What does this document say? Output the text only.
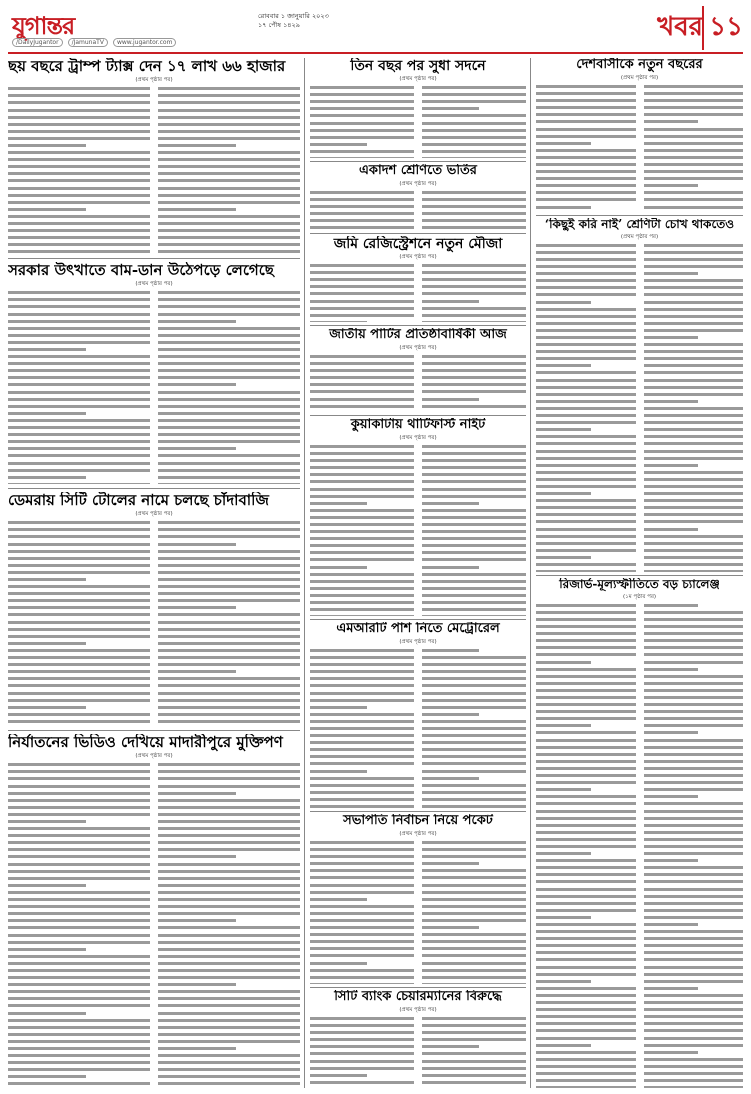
যুগান্তর
/DailyJugantor	/JamunaTV	www.jugantor.com
রোববার ১ জানুয়ারি ২০২৩
১৭ পৌষ ১৪২৯	খবর ১১
ছয় বছরে ট্রাম্প ট্যাক্স দেন ১৭ লাখ ৬৬ হাজার
(প্রথম পৃষ্ঠার পর)
সরকার উৎখাতে বাম-ডান উঠেপড়ে লেগেছে
(প্রথম পৃষ্ঠার পর)
ডেমরায় সিটি টোলের নামে চলছে চাঁদাবাজি
(প্রথম পৃষ্ঠার পর)
নির্যাতনের ভিডিও দেখিয়ে মাদারীপুরে মুক্তিপণ
(প্রথম পৃষ্ঠার পর)
তিন বছর পর সুধা সদনে
(প্রথম পৃষ্ঠার পর)
একাদশ শ্রেণিতে ভর্তির
(প্রথম পৃষ্ঠার পর)
জমি রেজিস্ট্রেশনে নতুন মৌজা
(প্রথম পৃষ্ঠার পর)
জাতীয় পার্টির প্রতিষ্ঠাবার্ষিকী আজ
(প্রথম পৃষ্ঠার পর)
কুয়াকাটায় থার্টিফার্স্ট নাইট
(প্রথম পৃষ্ঠার পর)
এমআরটি পাশ নিতে মেট্রোরেল
(প্রথম পৃষ্ঠার পর)
সভাপতি নির্বাচন নিয়ে পকেট
(প্রথম পৃষ্ঠার পর)
সিটি ব্যাংক চেয়ারম্যানের বিরুদ্ধে
(প্রথম পৃষ্ঠার পর)
দেশবাসীকে নতুন বছরের
(প্রথম পৃষ্ঠার পর)
‘কিছুই করি নাই’ শ্রেণিটা চোখ থাকতেও
(প্রথম পৃষ্ঠার পর)
রিজার্ভ-মূল্যস্ফীতিতে বড় চ্যালেঞ্জ
(১ম পৃষ্ঠার পর)
